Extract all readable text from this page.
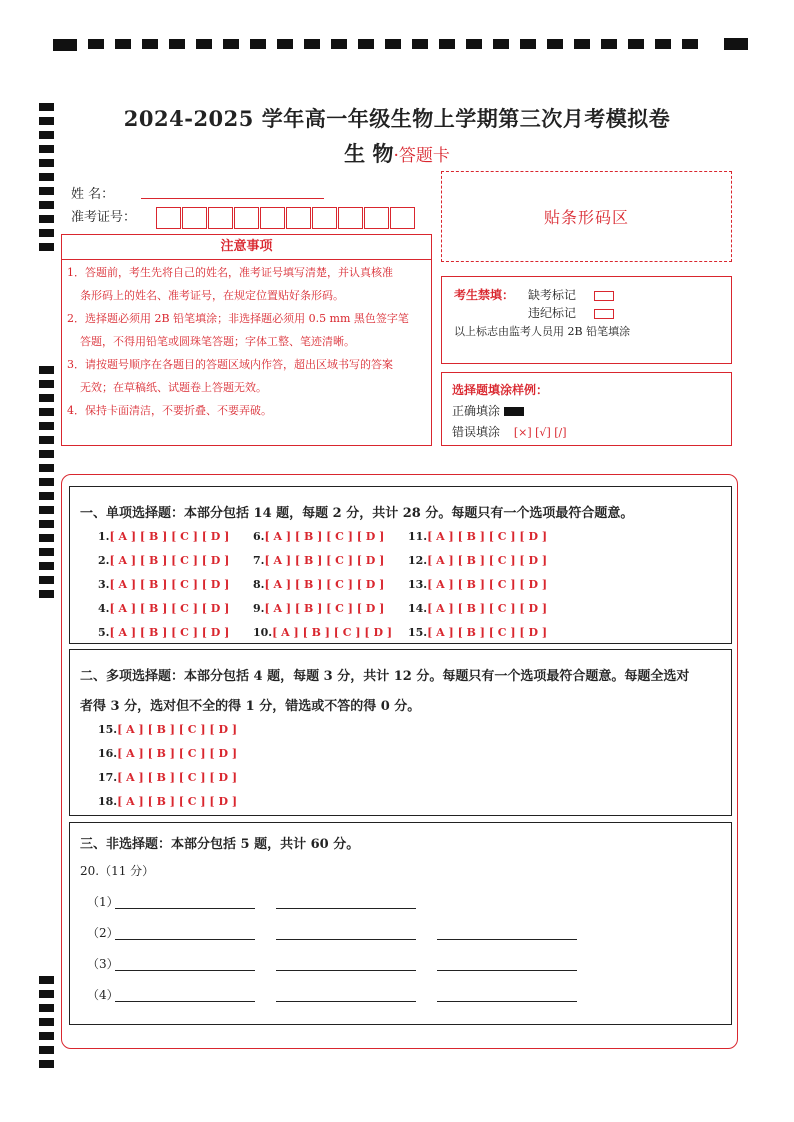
2024-2025 学年高一年级生物上学期第三次月考模拟卷
生 物·答题卡
姓 名：
准考证号：	贴条形码区
注意事项
1．答题前，考生先将自己的姓名，准考证号填写清楚，并认真核准
条形码上的姓名、准考证号，在规定位置贴好条形码。
2．选择题必须用 2B 铅笔填涂；非选择题必须用 0.5 mm 黑色签字笔
答题，不得用铅笔或圆珠笔答题；字体工整、笔迹清晰。
3．请按题号顺序在各题目的答题区域内作答，超出区域书写的答案
无效；在草稿纸、试题卷上答题无效。
4．保持卡面清洁，不要折叠、不要弄破。
考生禁填： 缺考标记
违纪标记
以上标志由监考人员用 2B 铅笔填涂
选择题填涂样例：
正确填涂
错误填涂 [×] [√] [/]
一、单项选择题：本部分包括 14 题，每题 2 分，共计 28 分。每题只有一个选项最符合题意。
1.[ A ] [ B ] [ C ] [ D ]
2.[ A ] [ B ] [ C ] [ D ]
3.[ A ] [ B ] [ C ] [ D ]
4.[ A ] [ B ] [ C ] [ D ]
5.[ A ] [ B ] [ C ] [ D ]
6.[ A ] [ B ] [ C ] [ D ]
7.[ A ] [ B ] [ C ] [ D ]
8.[ A ] [ B ] [ C ] [ D ]
9.[ A ] [ B ] [ C ] [ D ]
10.[ A ] [ B ] [ C ] [ D ]
11.[ A ] [ B ] [ C ] [ D ]
12.[ A ] [ B ] [ C ] [ D ]
13.[ A ] [ B ] [ C ] [ D ]
14.[ A ] [ B ] [ C ] [ D ]
15.[ A ] [ B ] [ C ] [ D ]
二、多项选择题：本部分包括 4 题，每题 3 分，共计 12 分。每题只有一个选项最符合题意。每题全选对
者得 3 分，选对但不全的得 1 分，错选或不答的得 0 分。
15.[ A ] [ B ] [ C ] [ D ]
16.[ A ] [ B ] [ C ] [ D ]
17.[ A ] [ B ] [ C ] [ D ]
18.[ A ] [ B ] [ C ] [ D ]
三、非选择题：本部分包括 5 题，共计 60 分。
20.（11 分）
（1）
（2）
（3）
（4）
